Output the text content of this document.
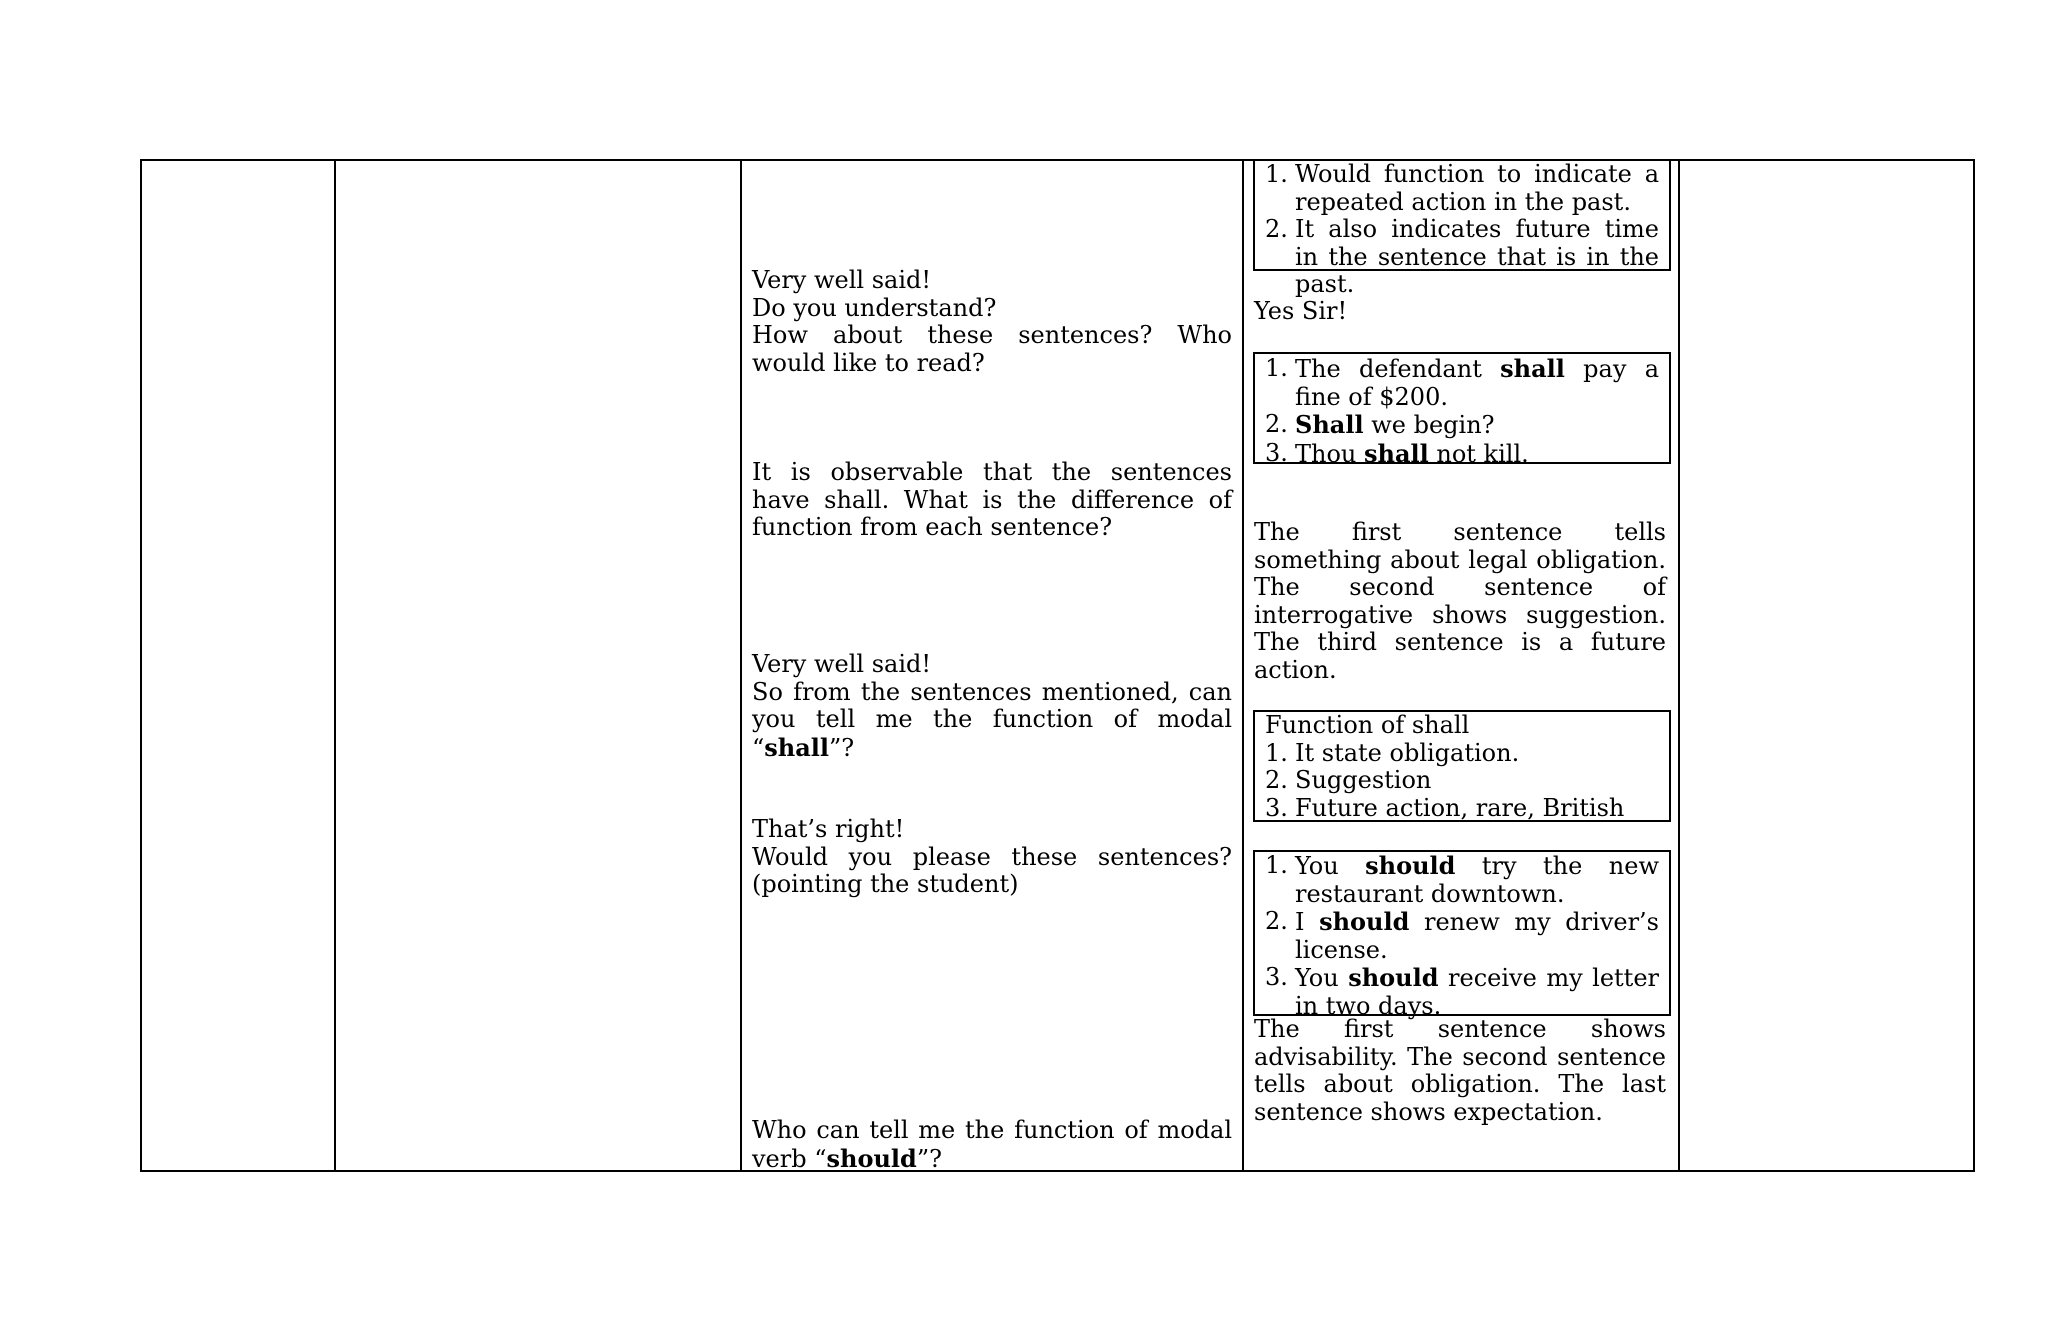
Very well said!
Do you understand?
How about these sentences? Who would like to read?
It is observable that the sentences have shall. What is the difference of function from each sentence?
Very well said!
So from the sentences mentioned, can you tell me the function of modal “shall”?
That’s right!
Would you please these sentences? (pointing the student)
Who can tell me the function of modal verb “should”?
1. Would function to indicate a repeated action in the past.
2. It also indicates future time in the sentence that is in the past.
Yes Sir!
1. The defendant shall pay a fine of $200.
2. Shall we begin?
3. Thou shall not kill.
The first sentence tells something about legal obligation. The second sentence of interrogative shows suggestion. The third sentence is a future action.
Function of shall
1. It state obligation.
2. Suggestion
3. Future action, rare, British
1. You should try the new restaurant downtown.
2. I should renew my driver’s license.
3. You should receive my letter in two days.
The first sentence shows advisability. The second sentence tells about obligation. The last sentence shows expectation.
